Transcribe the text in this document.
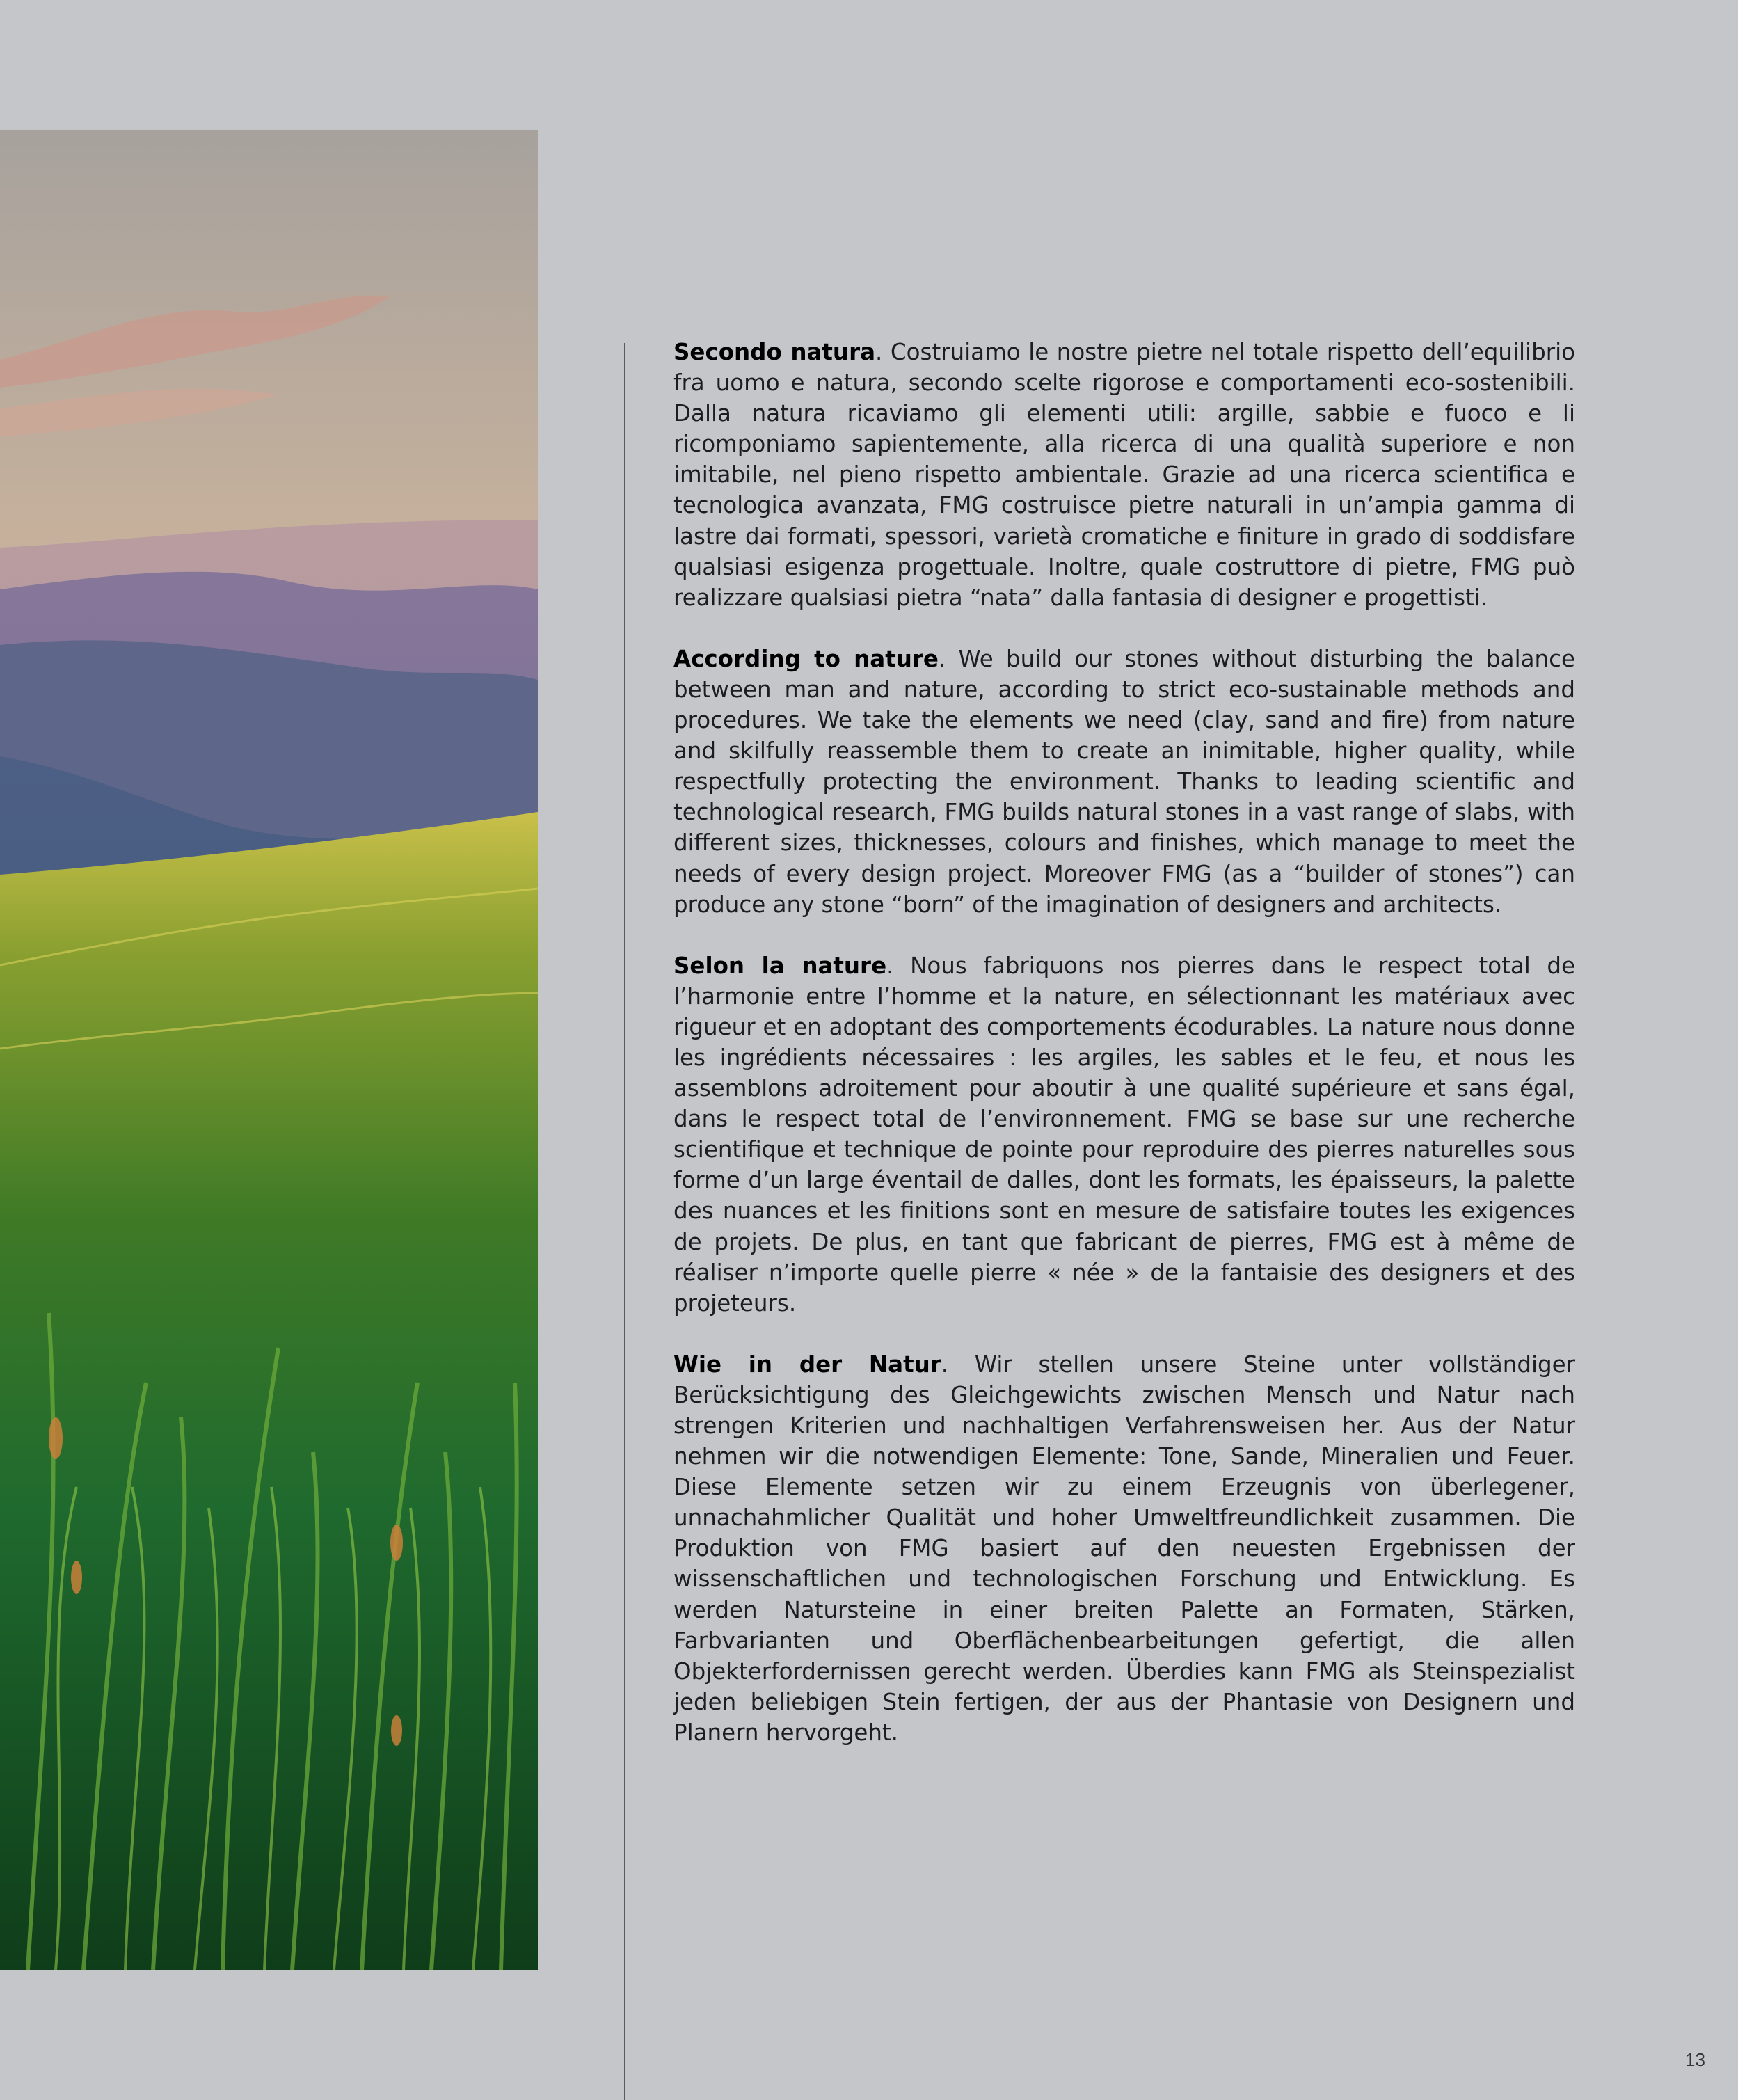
Secondo natura. Costruiamo le nostre pietre nel totale rispetto dell’equilibrio fra uomo e natura, secondo scelte rigorose e comportamenti eco-sostenibili. Dalla natura ricaviamo gli elementi utili: argille, sabbie e fuoco e li ricomponiamo sapientemente, alla ricerca di una qualità superiore e non imitabile, nel pieno rispetto ambientale. Grazie ad una ricerca scientifica e tecnologica avanzata, FMG costruisce pietre naturali in un’ampia gamma di lastre dai formati, spessori, varietà cromatiche e finiture in grado di soddisfare qualsiasi esigenza progettuale. Inoltre, quale costruttore di pietre, FMG può realizzare qualsiasi pietra “nata” dalla fantasia di designer e progettisti.

According to nature. We build our stones without disturbing the balance between man and nature, according to strict eco-sustainable methods and procedures. We take the elements we need (clay, sand and fire) from nature and skilfully reassemble them to create an inimitable, higher quality, while respectfully protecting the environment. Thanks to leading scientific and technological research, FMG builds natural stones in a vast range of slabs, with different sizes, thicknesses, colours and finishes, which manage to meet the needs of every design project. Moreover FMG (as a “builder of stones”) can produce any stone “born” of the imagination of designers and architects.

Selon la nature. Nous fabriquons nos pierres dans le respect total de l’harmonie entre l’homme et la nature, en sélectionnant les matériaux avec rigueur et en adoptant des comportements écodurables. La nature nous donne les ingrédients nécessaires : les argiles, les sables et le feu, et nous les assemblons adroitement pour aboutir à une qualité supérieure et sans égal, dans le respect total de l’environnement. FMG se base sur une recherche scientifique et technique de pointe pour reproduire des pierres naturelles sous forme d’un large éventail de dalles, dont les formats, les épaisseurs, la palette des nuances et les finitions sont en mesure de satisfaire toutes les exigences de projets. De plus, en tant que fabricant de pierres, FMG est à même de réaliser n’importe quelle pierre « née » de la fantaisie des designers et des projeteurs.

Wie in der Natur. Wir stellen unsere Steine unter vollständiger Berücksichtigung des Gleichgewichts zwischen Mensch und Natur nach strengen Kriterien und nachhaltigen Verfahrensweisen her. Aus der Natur nehmen wir die notwendigen Elemente: Tone, Sande, Mineralien und Feuer. Diese Elemente setzen wir zu einem Erzeugnis von überlegener, unnachahmlicher Qualität und hoher Umweltfreundlichkeit zusammen. Die Produktion von FMG basiert auf den neuesten Ergebnissen der wissenschaftlichen und technologischen Forschung und Entwicklung. Es werden Natursteine in einer breiten Palette an Formaten, Stärken, Farbvarianten und Oberflächenbearbeitungen gefertigt, die allen Objekterfordernissen gerecht werden. Überdies kann FMG als Steinspezialist jeden beliebigen Stein fertigen, der aus der Phantasie von Designern und Planern hervorgeht.

13
